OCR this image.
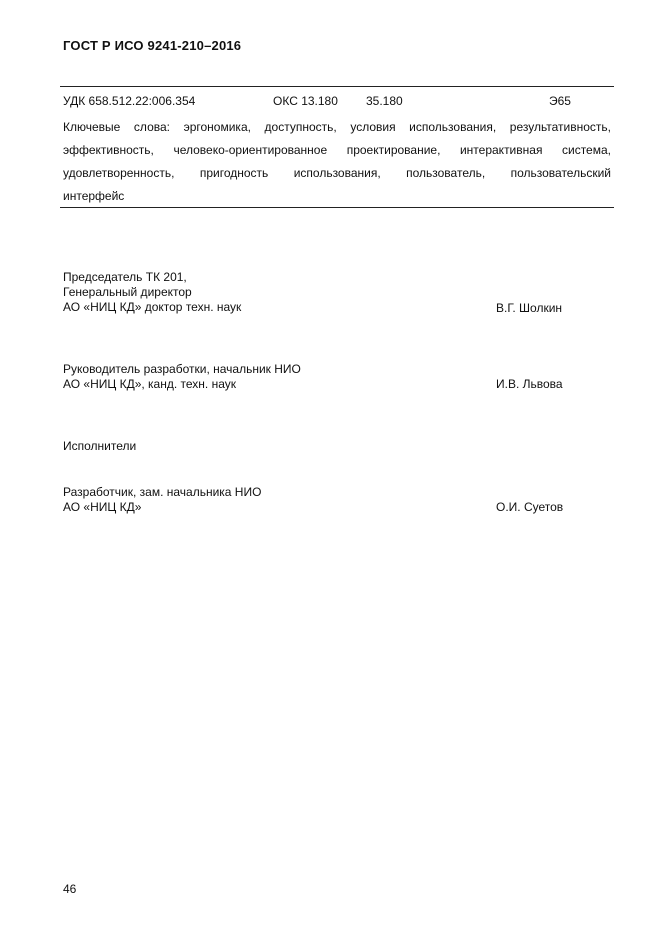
ГОСТ Р ИСО 9241-210–2016
УДК 658.512.22:006.354	ОКС 13.180 35.180	Э65
Ключевые слова: эргономика, доступность, условия использования, результативность,
эффективность, человеко-ориентированное проектирование, интерактивная система,
удовлетворенность, пригодность использования, пользователь, пользовательский
интерфейс
Председатель ТК 201,
Генеральный директор
АО «НИЦ КД» доктор техн. наук	В.Г. Шолкин
Руководитель разработки, начальник НИО
АО «НИЦ КД», канд. техн. наук	И.В. Львова
Исполнители
Разработчик, зам. начальника НИО
АО «НИЦ КД»	О.И. Суетов
46
